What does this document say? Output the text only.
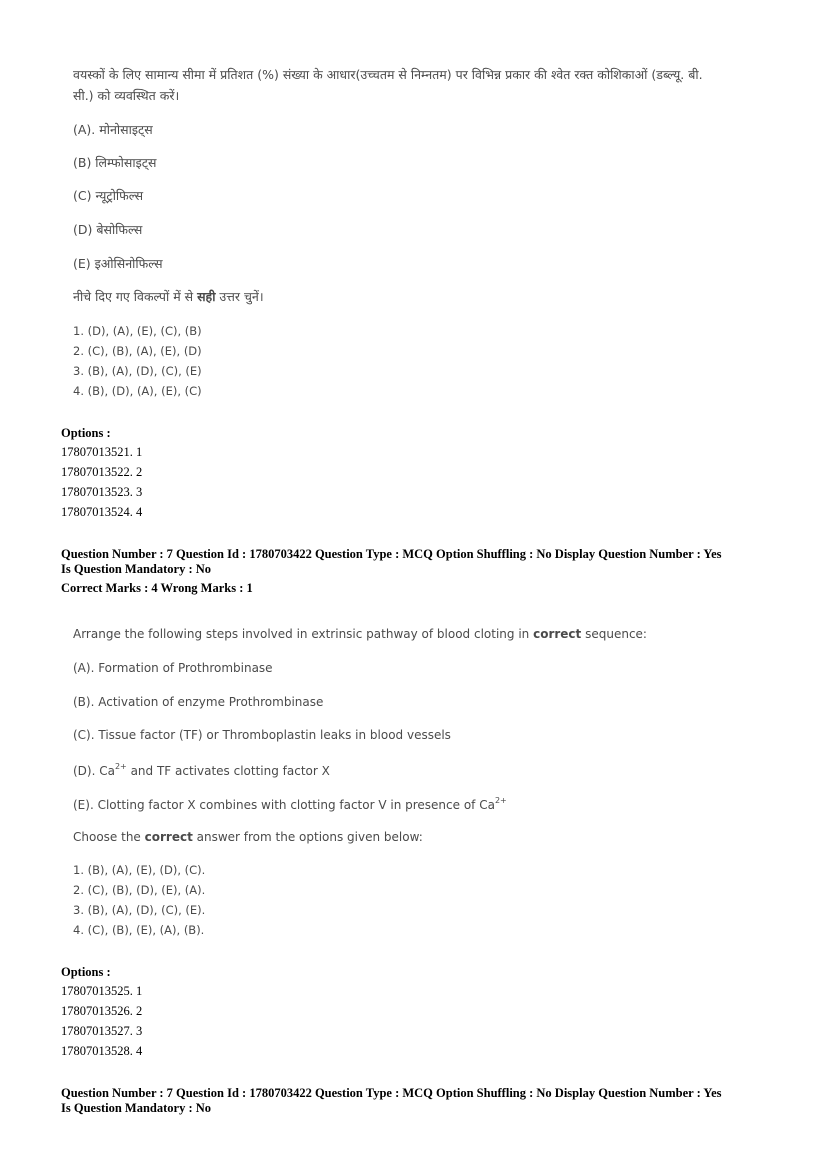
वयस्कों के लिए सामान्य सीमा में प्रतिशत (%) संख्या के आधार(उच्चतम से निम्नतम) पर विभिन्न प्रकार की श्वेत रक्त कोशिकाओं (डब्ल्यू. बी.
सी.) को व्यवस्थित करें।
(A). मोनोसाइट्स
(B) लिम्फोसाइट्स
(C) न्यूट्रोफिल्स
(D) बेसोफिल्स
(E) इओसिनोफिल्स
नीचे दिए गए विकल्पों में से सही उत्तर चुनें।
1. (D), (A), (E), (C), (B)
2. (C), (B), (A), (E), (D)
3. (B), (A), (D), (C), (E)
4. (B), (D), (A), (E), (C)
Options :
17807013521. 1
17807013522. 2
17807013523. 3
17807013524. 4
Question Number : 7 Question Id : 1780703422 Question Type : MCQ Option Shuffling : No Display Question Number : Yes
Is Question Mandatory : No
Correct Marks : 4 Wrong Marks : 1
Arrange the following steps involved in extrinsic pathway of blood cloting in correct sequence:
(A). Formation of Prothrombinase
(B). Activation of enzyme Prothrombinase
(C). Tissue factor (TF) or Thromboplastin leaks in blood vessels
(D). $Ca^{2+}$ and TF activates clotting factor X
(E). Clotting factor X combines with clotting factor V in presence of $Ca^{2+}$
Choose the correct answer from the options given below:
1. (B), (A), (E), (D), (C).
2. (C), (B), (D), (E), (A).
3. (B), (A), (D), (C), (E).
4. (C), (B), (E), (A), (B).
Options :
17807013525. 1
17807013526. 2
17807013527. 3
17807013528. 4
Question Number : 7 Question Id : 1780703422 Question Type : MCQ Option Shuffling : No Display Question Number : Yes
Is Question Mandatory : No
